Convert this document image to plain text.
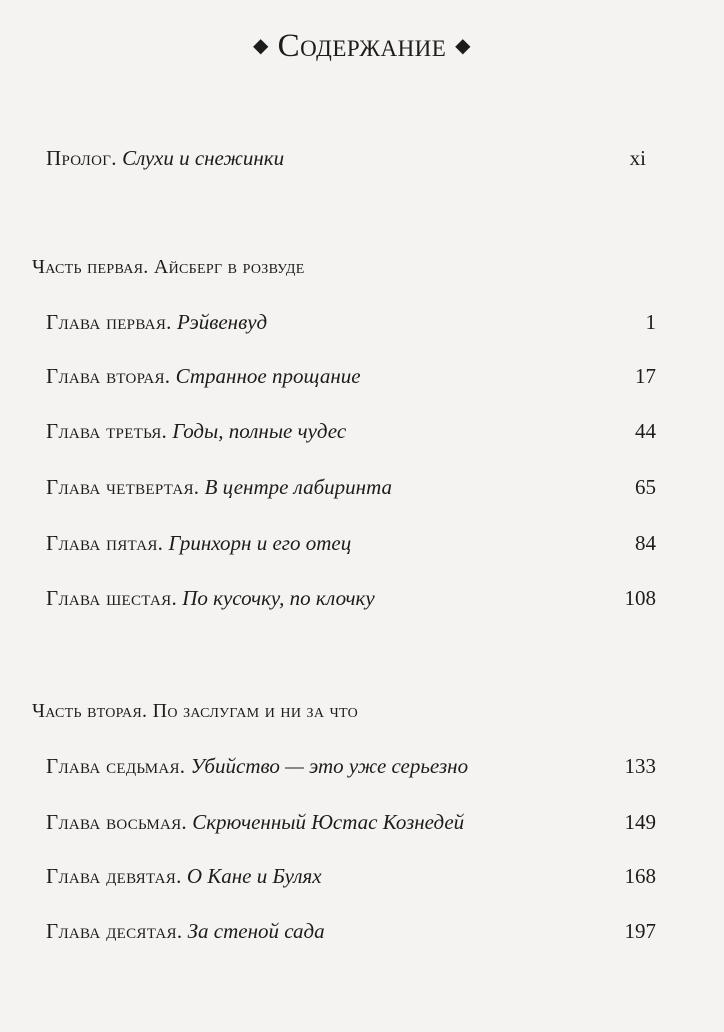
◆ Содержание ◆
Пролог. Слухи и снежинки	xi
Часть первая. Айсберг в розвуде
Глава первая. Рэйвенвуд	1
Глава вторая. Странное прощание	17
Глава третья. Годы, полные чудес	44
Глава четвертая. В центре лабиринта	65
Глава пятая. Гринхорн и его отец	84
Глава шестая. По кусочку, по клочку	108
Часть вторая. По заслугам и ни за что
Глава седьмая. Убийство — это уже серьезно	133
Глава восьмая. Скрюченный Юстас Кознедей	149
Глава девятая. О Кане и Булях	168
Глава десятая. За стеной сада	197
